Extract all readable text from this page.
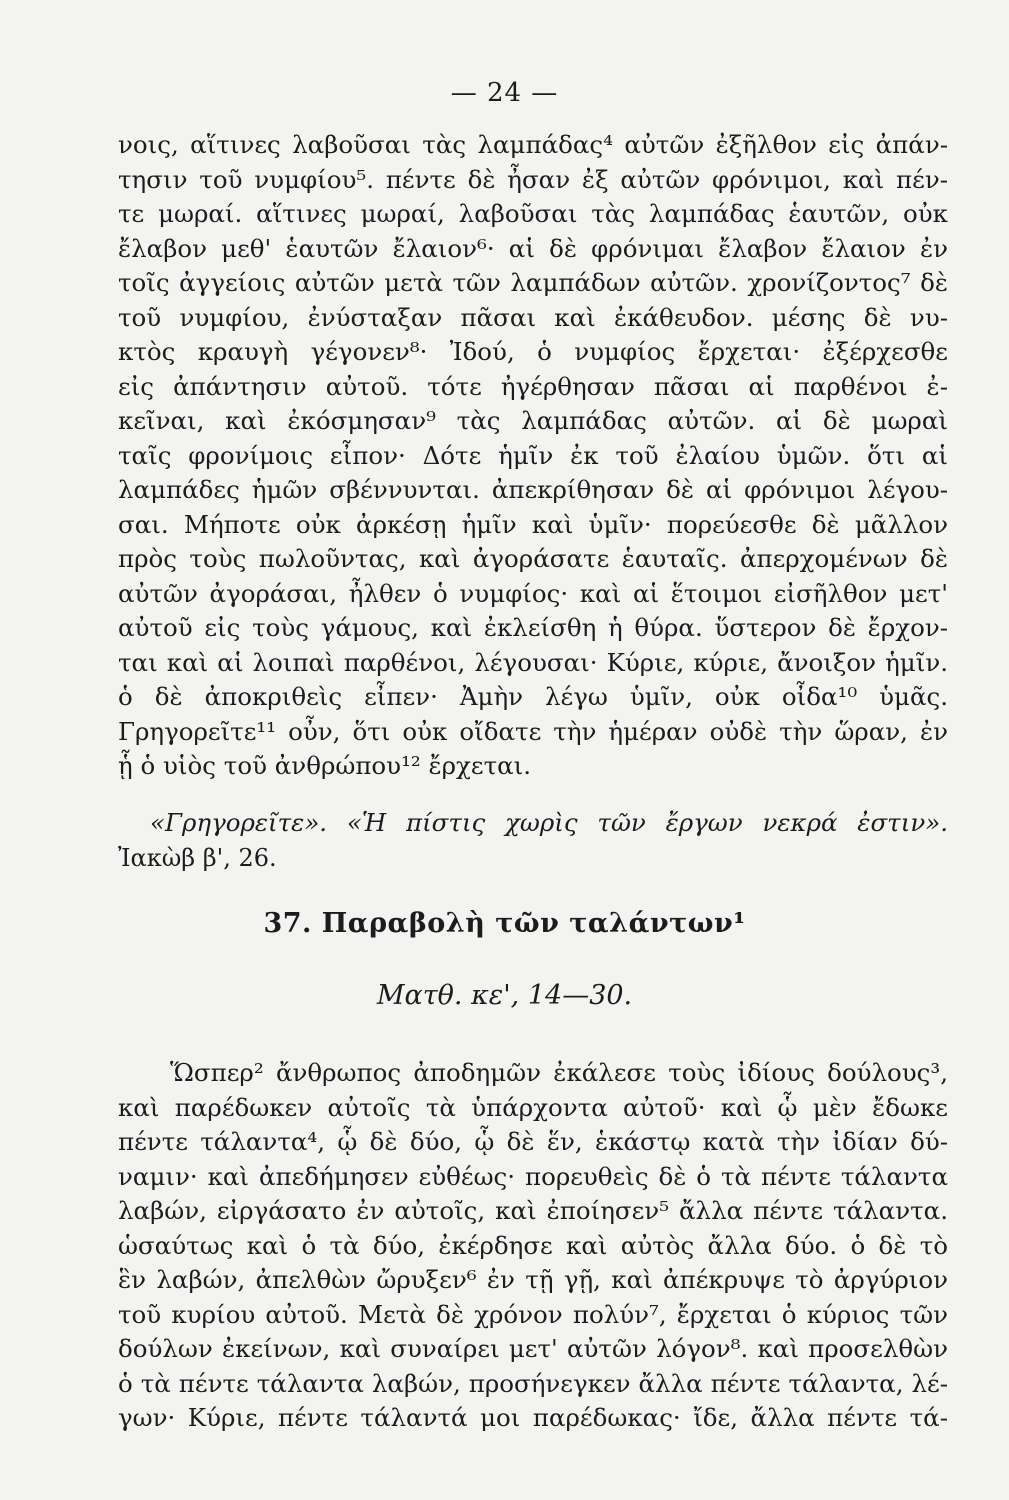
— 24 —
νοις, αἵτινες λαβοῦσαι τὰς λαμπάδας⁴ αὐτῶν ἐξῆλθον εἰς ἀπάν-
τησιν τοῦ νυμφίου⁵. πέντε δὲ ἦσαν ἐξ αὐτῶν φρόνιμοι, καὶ πέν-
τε μωραί. αἵτινες μωραί, λαβοῦσαι τὰς λαμπάδας ἑαυτῶν, οὐκ
ἔλαβον μεθ' ἑαυτῶν ἔλαιον⁶· αἱ δὲ φρόνιμαι ἔλαβον ἔλαιον ἐν
τοῖς ἀγγείοις αὐτῶν μετὰ τῶν λαμπάδων αὐτῶν. χρονίζοντος⁷ δὲ
τοῦ νυμφίου, ἐνύσταξαν πᾶσαι καὶ ἐκάθευδον. μέσης δὲ νυ-
κτὸς κραυγὴ γέγονεν⁸· Ἰδού, ὁ νυμφίος ἔρχεται· ἐξέρχεσθε
εἰς ἀπάντησιν αὐτοῦ. τότε ἠγέρθησαν πᾶσαι αἱ παρθένοι ἐ-
κεῖναι, καὶ ἐκόσμησαν⁹ τὰς λαμπάδας αὐτῶν. αἱ δὲ μωραὶ
ταῖς φρονίμοις εἶπον· Δότε ἡμῖν ἐκ τοῦ ἐλαίου ὑμῶν. ὅτι αἱ
λαμπάδες ἡμῶν σβέννυνται. ἀπεκρίθησαν δὲ αἱ φρόνιμοι λέγου-
σαι. Μήποτε οὐκ ἀρκέσῃ ἡμῖν καὶ ὑμῖν· πορεύεσθε δὲ μᾶλλον
πρὸς τοὺς πωλοῦντας, καὶ ἀγοράσατε ἑαυταῖς. ἀπερχομένων δὲ
αὐτῶν ἀγοράσαι, ἦλθεν ὁ νυμφίος· καὶ αἱ ἕτοιμοι εἰσῆλθον μετ'
αὐτοῦ εἰς τοὺς γάμους, καὶ ἐκλείσθη ἡ θύρα. ὕστερον δὲ ἔρχον-
ται καὶ αἱ λοιπαὶ παρθένοι, λέγουσαι· Κύριε, κύριε, ἄνοιξον ἡμῖν.
ὁ δὲ ἀποκριθεὶς εἶπεν· Ἀμὴν λέγω ὑμῖν, οὐκ οἶδα¹⁰ ὑμᾶς.
Γρηγορεῖτε¹¹ οὖν, ὅτι οὐκ οἴδατε τὴν ἡμέραν οὐδὲ τὴν ὥραν, ἐν
ᾗ ὁ υἱὸς τοῦ ἀνθρώπου¹² ἔρχεται.
«Γρηγορεῖτε». «Ἡ πίστις χωρὶς τῶν ἔργων νεκρά ἐστιν».
Ἰακὼβ β', 26.
37. Παραβολὴ τῶν ταλάντων¹
Ματθ. κε', 14—30.
Ὥσπερ² ἄνθρωπος ἀποδημῶν ἐκάλεσε τοὺς ἰδίους δούλους³,
καὶ παρέδωκεν αὐτοῖς τὰ ὑπάρχοντα αὐτοῦ· καὶ ᾧ μὲν ἔδωκε
πέντε τάλαντα⁴, ᾧ δὲ δύο, ᾧ δὲ ἕν, ἑκάστῳ κατὰ τὴν ἰδίαν δύ-
ναμιν· καὶ ἀπεδήμησεν εὐθέως· πορευθεὶς δὲ ὁ τὰ πέντε τάλαντα
λαβών, εἰργάσατο ἐν αὐτοῖς, καὶ ἐποίησεν⁵ ἄλλα πέντε τάλαντα.
ὡσαύτως καὶ ὁ τὰ δύο, ἐκέρδησε καὶ αὐτὸς ἄλλα δύο. ὁ δὲ τὸ
ἓν λαβών, ἀπελθὼν ὤρυξεν⁶ ἐν τῇ γῇ, καὶ ἀπέκρυψε τὸ ἀργύριον
τοῦ κυρίου αὐτοῦ. Μετὰ δὲ χρόνον πολύν⁷, ἔρχεται ὁ κύριος τῶν
δούλων ἐκείνων, καὶ συναίρει μετ' αὐτῶν λόγον⁸. καὶ προσελθὼν
ὁ τὰ πέντε τάλαντα λαβών, προσήνεγκεν ἄλλα πέντε τάλαντα, λέ-
γων· Κύριε, πέντε τάλαντά μοι παρέδωκας· ἴδε, ἄλλα πέντε τά-
